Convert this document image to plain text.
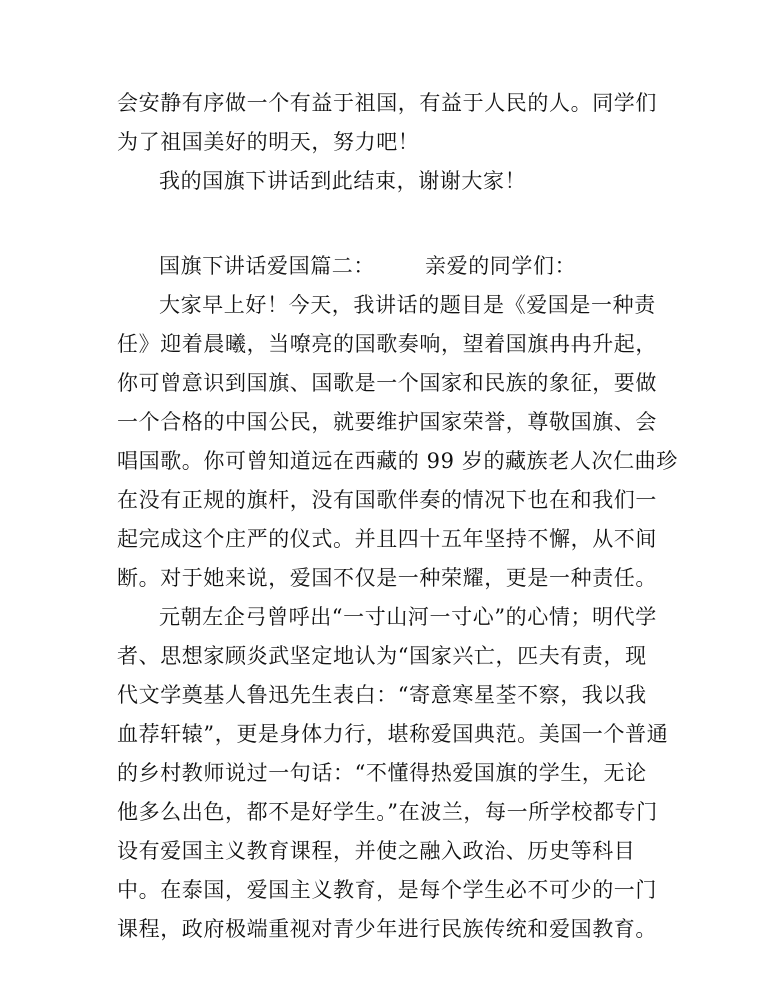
会安静有序做一个有益于祖国，有益于人民的人。同学们
为了祖国美好的明天，努力吧！
我的国旗下讲话到此结束，谢谢大家！
国旗下讲话爱国篇二： 亲爱的同学们：
大家早上好！今天，我讲话的题目是《爱国是一种责
任》迎着晨曦，当嘹亮的国歌奏响，望着国旗冉冉升起，
你可曾意识到国旗、国歌是一个国家和民族的象征，要做
一个合格的中国公民，就要维护国家荣誉，尊敬国旗、会
唱国歌。你可曾知道远在西藏的 99 岁的藏族老人次仁曲珍
在没有正规的旗杆，没有国歌伴奏的情况下也在和我们一
起完成这个庄严的仪式。并且四十五年坚持不懈，从不间
断。对于她来说，爱国不仅是一种荣耀，更是一种责任。
元朝左企弓曾呼出“一寸山河一寸心”的心情；明代学
者、思想家顾炎武坚定地认为“国家兴亡，匹夫有责，现
代文学奠基人鲁迅先生表白：“寄意寒星荃不察，我以我
血荐轩辕”，更是身体力行，堪称爱国典范。美国一个普通
的乡村教师说过一句话：“不懂得热爱国旗的学生，无论
他多么出色，都不是好学生。”在波兰，每一所学校都专门
设有爱国主义教育课程，并使之融入政治、历史等科目
中。在泰国，爱国主义教育，是每个学生必不可少的一门
课程，政府极端重视对青少年进行民族传统和爱国教育。
